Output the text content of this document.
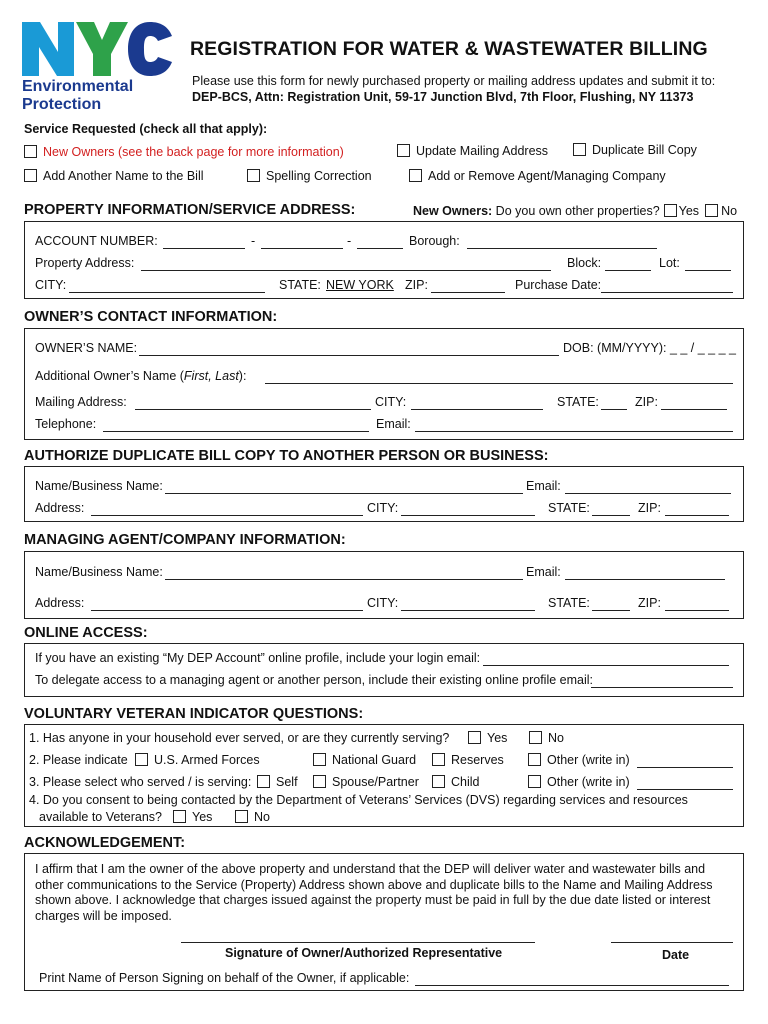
Environmental
Protection
REGISTRATION FOR WATER & WASTEWATER BILLING
Please use this form for newly purchased property or mailing address updates and submit it to:
DEP-BCS, Attn: Registration Unit, 59-17 Junction Blvd, 7th Floor, Flushing, NY 11373
Service Requested (check all that apply):
New Owners (see the back page for more information)	Update Mailing Address	Duplicate Bill Copy
Add Another Name to the Bill	Spelling Correction	Add or Remove Agent/Managing Company
PROPERTY INFORMATION/SERVICE ADDRESS:	New Owners: Do you own other properties? Yes No
ACCOUNT NUMBER:	-	-	Borough:
Property Address:	Block:	Lot:
CITY:	STATE: NEW YORK ZIP:	Purchase Date:
OWNER’S CONTACT INFORMATION:
OWNER’S NAME:	DOB: (MM/YYYY): _ _ / _ _ _ _
Additional Owner’s Name (First, Last):
Mailing Address:	CITY:	STATE:	ZIP:
Telephone:	Email:
AUTHORIZE DUPLICATE BILL COPY TO ANOTHER PERSON OR BUSINESS:
Name/Business Name:	Email:
Address:	CITY:	STATE:	ZIP:
MANAGING AGENT/COMPANY INFORMATION:
Name/Business Name:	Email:
Address:	CITY:	STATE:	ZIP:
ONLINE ACCESS:
If you have an existing “My DEP Account” online profile, include your login email:
To delegate access to a managing agent or another person, include their existing online profile email:
VOLUNTARY VETERAN INDICATOR QUESTIONS:
1. Has anyone in your household ever served, or are they currently serving?	Yes	No
2. Please indicate	U.S. Armed Forces	National Guard	Reserves	Other (write in)
3. Please select who served / is serving:	Self	Spouse/Partner	Child	Other (write in)
4. Do you consent to being contacted by the Department of Veterans’ Services (DVS) regarding services and resources
available to Veterans?	Yes	No
ACKNOWLEDGEMENT:
I affirm that I am the owner of the above property and understand that the DEP will deliver water and wastewater bills and other communications to the Service (Property) Address shown above and duplicate bills to the Name and Mailing Address shown above. I acknowledge that charges issued against the property must be paid in full by the due date listed or interest charges will be imposed.
Signature of Owner/Authorized Representative	Date
Print Name of Person Signing on behalf of the Owner, if applicable:
